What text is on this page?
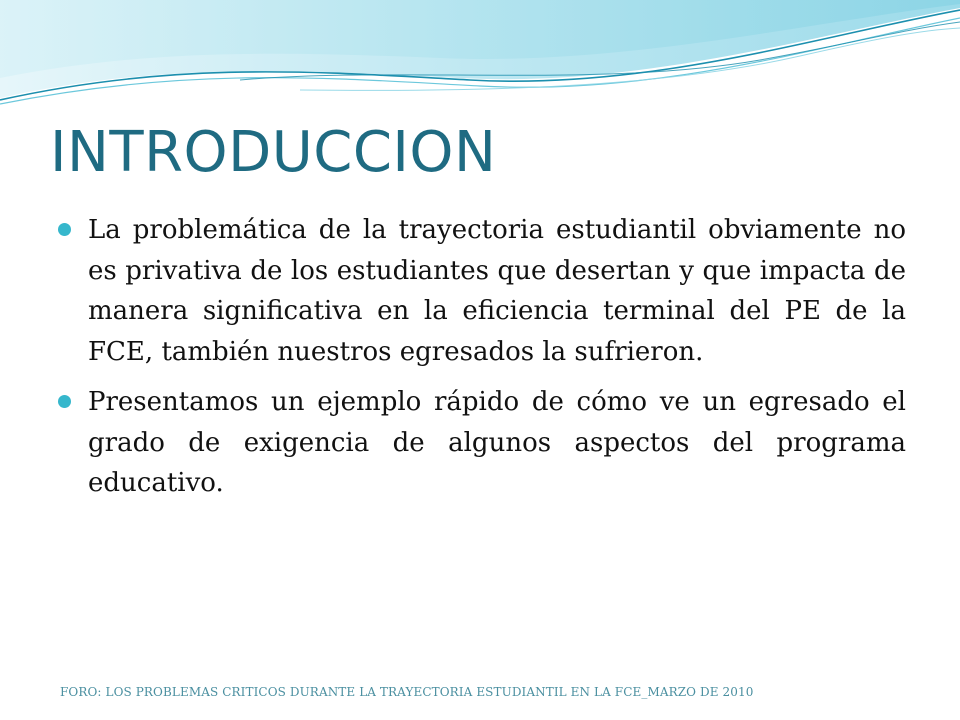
INTRODUCCION
La problemática de la trayectoria estudiantil obviamente no es privativa de los estudiantes que desertan y que impacta de manera significativa en la eficiencia terminal del PE de la FCE, también nuestros egresados la sufrieron.
Presentamos un ejemplo rápido de cómo ve un egresado el grado de exigencia de algunos aspectos del programa educativo.
FORO: LOS PROBLEMAS CRITICOS DURANTE LA TRAYECTORIA ESTUDIANTIL EN LA FCE_MARZO DE 2010
